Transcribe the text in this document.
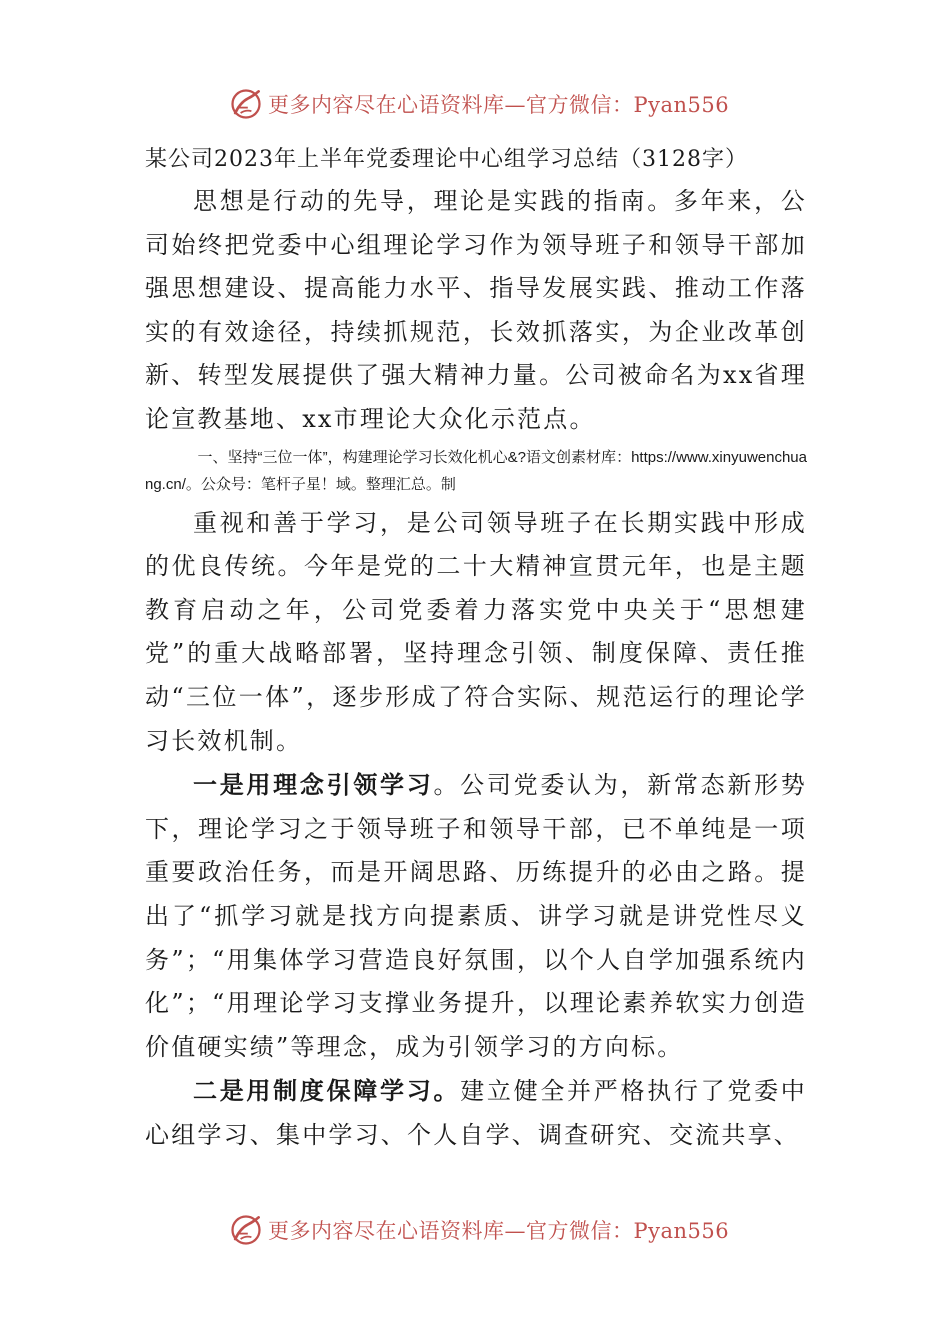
更多内容尽在心语资料库—官方微信：Pyan556
某公司2023年上半年党委理论中心组学习总结（3128字）

思想是行动的先导，理论是实践的指南。多年来，公司始终把党委中心组理论学习作为领导班子和领导干部加强思想建设、提高能力水平、指导发展实践、推动工作落实的有效途径，持续抓规范，长效抓落实，为企业改革创新、转型发展提供了强大精神力量。公司被命名为xx省理论宣教基地、xx市理论大众化示范点。

一、坚持“三位一体”，构建理论学习长效化机心&?语文创素材库：https://www.xinyuwenchuang.cn/。公众号：笔杆子星！域。整理汇总。制

重视和善于学习，是公司领导班子在长期实践中形成的优良传统。今年是党的二十大精神宣贯元年，也是主题教育启动之年，公司党委着力落实党中央关于“思想建党”的重大战略部署，坚持理念引领、制度保障、责任推动“三位一体”，逐步形成了符合实际、规范运行的理论学习长效机制。

一是用理念引领学习。公司党委认为，新常态新形势下，理论学习之于领导班子和领导干部，已不单纯是一项重要政治任务，而是开阔思路、历练提升的必由之路。提出了“抓学习就是找方向提素质、讲学习就是讲党性尽义务”；“用集体学习营造良好氛围，以个人自学加强系统内化”；“用理论学习支撑业务提升，以理论素养软实力创造价值硬实绩”等理念，成为引领学习的方向标。

二是用制度保障学习。建立健全并严格执行了党委中心组学习、集中学习、个人自学、调查研究、交流共享、

更多内容尽在心语资料库—官方微信：Pyan556
